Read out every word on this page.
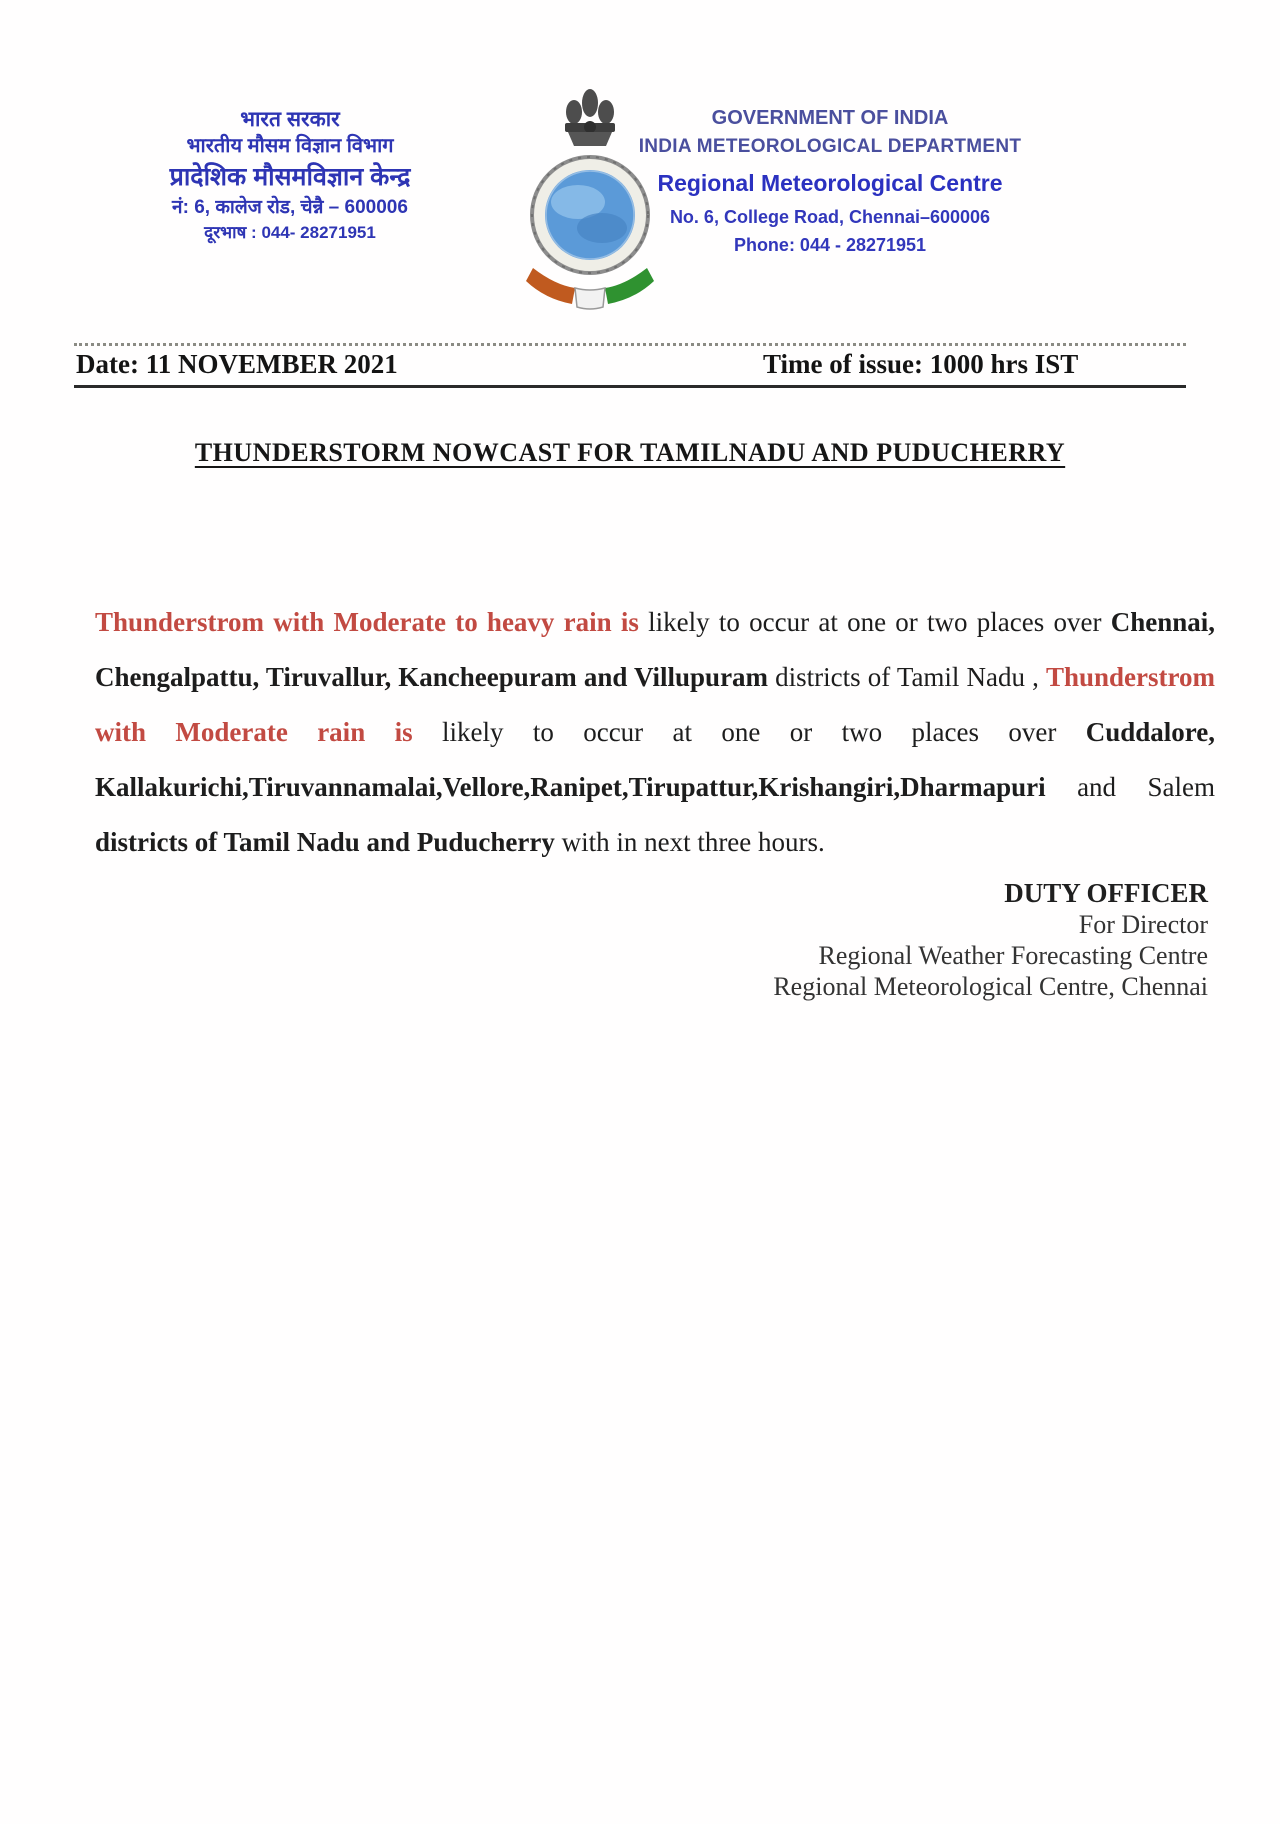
भारत सरकार
भारतीय मौसम विज्ञान विभाग
प्रादेशिक मौसमविज्ञान केन्द्र
नं: 6, कालेज रोड, चेन्नै – 600006
दूरभाष : 044- 28271951
GOVERNMENT OF INDIA
INDIA METEOROLOGICAL DEPARTMENT
Regional Meteorological Centre
No. 6, College Road, Chennai–600006
Phone: 044 - 28271951
Date: 11 NOVEMBER 2021	Time of issue: 1000 hrs IST
THUNDERSTORM NOWCAST FOR TAMILNADU AND PUDUCHERRY

Thunderstrom with Moderate to heavy rain is likely to occur at one or two places over Chennai, Chengalpattu, Tiruvallur, Kancheepuram and Villupuram districts of Tamil Nadu , Thunderstrom with Moderate rain is likely to occur at one or two places over Cuddalore, Kallakurichi,Tiruvannamalai,Vellore,Ranipet,Tirupattur,Krishangiri,Dharmapuri and Salem districts of Tamil Nadu and Puducherry with in next three hours.

DUTY OFFICER
For Director
Regional Weather Forecasting Centre
Regional Meteorological Centre, Chennai
